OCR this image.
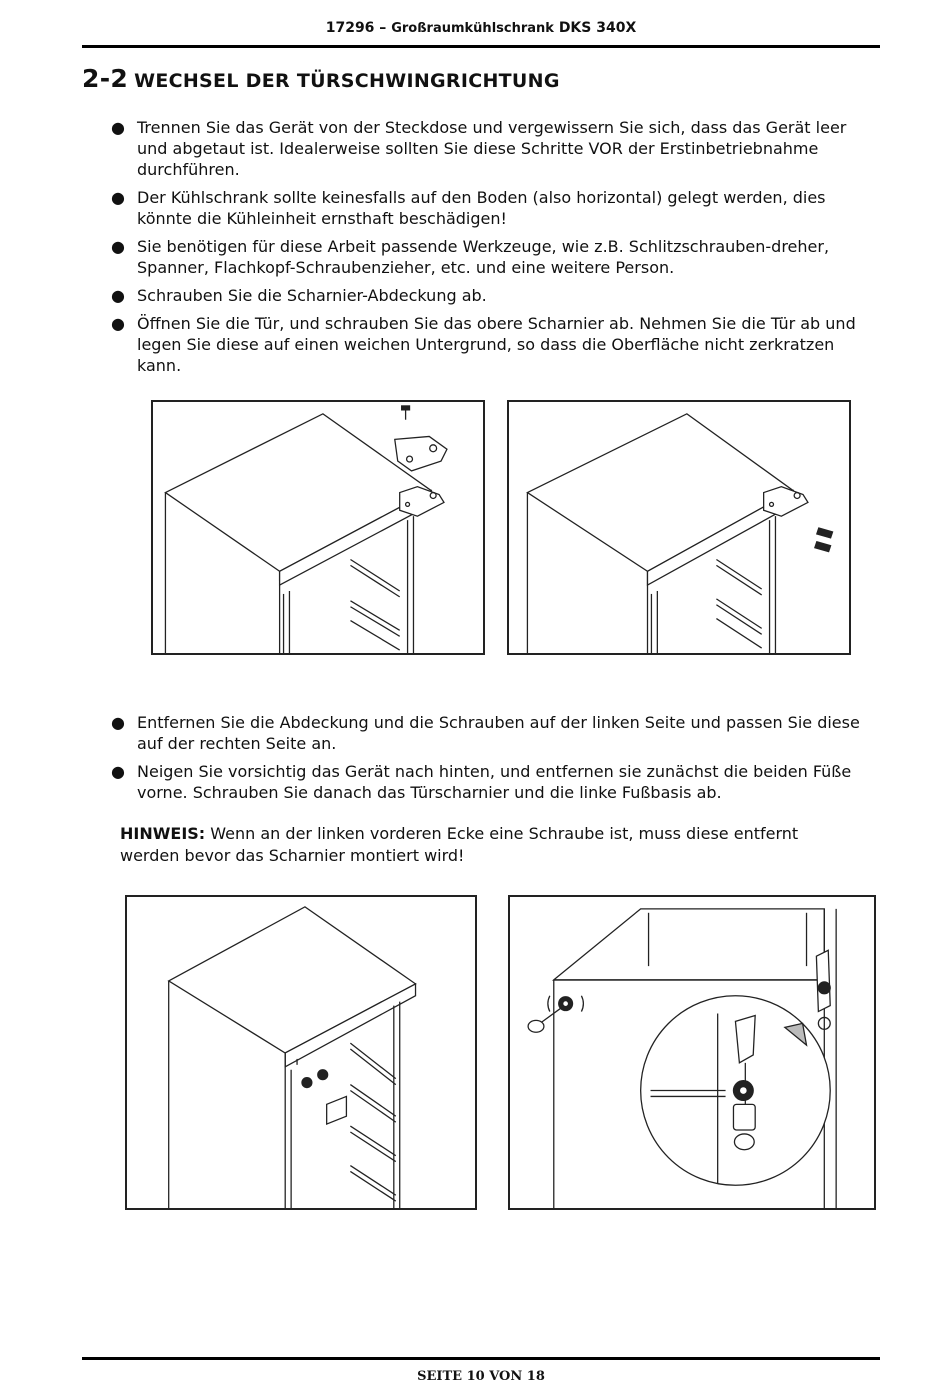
17296 – Großraumkühlschrank DKS 340X
2-2 WECHSEL DER TÜRSCHWINGRICHTUNG
● Trennen Sie das Gerät von der Steckdose und vergewissern Sie sich, dass das Gerät leer und abgetaut ist. Idealerweise sollten Sie diese Schritte VOR der Erstinbetriebnahme durchführen.
● Der Kühlschrank sollte keinesfalls auf den Boden (also horizontal) gelegt werden, dies könnte die Kühleinheit ernsthaft beschädigen!
● Sie benötigen für diese Arbeit passende Werkzeuge, wie z.B. Schlitzschrauben-dreher, Spanner, Flachkopf-Schraubenzieher, etc. und eine weitere Person.
● Schrauben Sie die Scharnier-Abdeckung ab.
● Öffnen Sie die Tür, und schrauben Sie das obere Scharnier ab. Nehmen Sie die Tür ab und legen Sie diese auf einen weichen Untergrund, so dass die Oberfläche nicht zerkratzen kann.
● Entfernen Sie die Abdeckung und die Schrauben auf der linken Seite und passen Sie diese auf der rechten Seite an.
● Neigen Sie vorsichtig das Gerät nach hinten, und entfernen sie zunächst die beiden Füße vorne. Schrauben Sie danach das Türscharnier und die linke Fußbasis ab.
HINWEIS: Wenn an der linken vorderen Ecke eine Schraube ist, muss diese entfernt werden bevor das Scharnier montiert wird!
SEITE 10 VON 18
